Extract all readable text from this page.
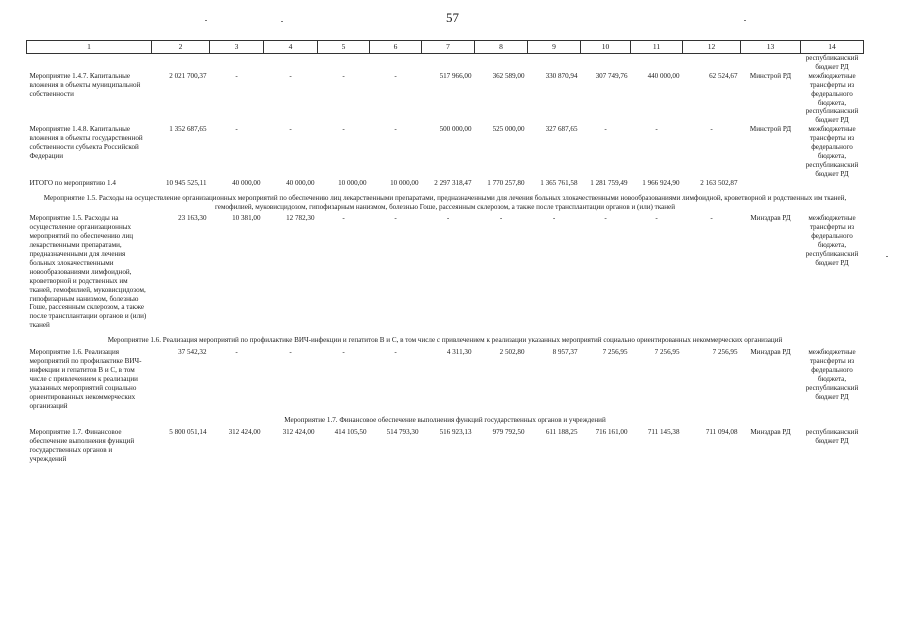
57
1	2	3	4	5	6	7	8	9	10	11	12	13	14
													республиканский бюджет РД
Мероприятие 1.4.7. Капитальные вложения в объекты муниципальной собственности	2 021 700,37	-	-	-	-	517 966,00	362 589,00	330 870,94	307 749,76	440 000,00	62 524,67	Минстрой РД	межбюджетные трансферты из федерального бюджета, республиканский бюджет РД
Мероприятие 1.4.8. Капитальные вложения в объекты государственной собственности субъекта Российской Федерации	1 352 687,65	-	-	-	-	500 000,00	525 000,00	327 687,65	-	-	-	Минстрой РД	межбюджетные трансферты из федерального бюджета, республиканский бюджет РД
ИТОГО по мероприятию 1.4	10 945 525,11	40 000,00	40 000,00	10 000,00	10 000,00	2 297 318,47	1 770 257,80	1 365 761,58	1 281 759,49	1 966 924,90	2 163 502,87		
Мероприятие 1.5. Расходы на осуществление организационных мероприятий по обеспечению лиц лекарственными препаратами, предназначенными для лечения больных злокачественными новообразованиями лимфоидной, кроветворной и родственных им тканей, гемофилией, муковисцидозом, гипофизарным нанизмом, болезнью Гоше, рассеянным склерозом, а также после трансплантации органов и (или) тканей													
Мероприятие 1.5. Расходы на осуществление организационных мероприятий по обеспечению лиц лекарственными препаратами, предназначенными для лечения больных злокачественными новообразованиями лимфоидной, кроветворной и родственных им тканей, гемофилией, муковисцидозом, гипофизарным нанизмом, болезнью Гоше, рассеянным склерозом, а также после трансплантации органов и (или) тканей	23 163,30	10 381,00	12 782,30	-	-	-	-	-	-	-	-	Минздрав РД	межбюджетные трансферты из федерального бюджета, республиканский бюджет РД
Мероприятие 1.6. Реализация мероприятий по профилактике ВИЧ-инфекции и гепатитов В и С, в том числе с привлечением к реализации указанных мероприятий социально ориентированных некоммерческих организаций													
Мероприятие 1.6. Реализация мероприятий по профилактике ВИЧ-инфекции и гепатитов В и С, в том числе с привлечением к реализации указанных мероприятий социально ориентированных некоммерческих организаций	37 542,32	-	-	-	-	4 311,30	2 502,80	8 957,37	7 256,95	7 256,95	7 256,95	Минздрав РД	межбюджетные трансферты из федерального бюджета, республиканский бюджет РД
Мероприятие 1.7. Финансовое обеспечение выполнения функций государственных органов и учреждений													
Мероприятие 1.7. Финансовое обеспечение выполнения функций государственных органов и учреждений	5 800 051,14	312 424,00	312 424,00	414 105,50	514 793,30	516 923,13	979 792,50	611 188,25	716 161,00	711 145,38	711 094,08	Минздрав РД	республиканский бюджет РД
